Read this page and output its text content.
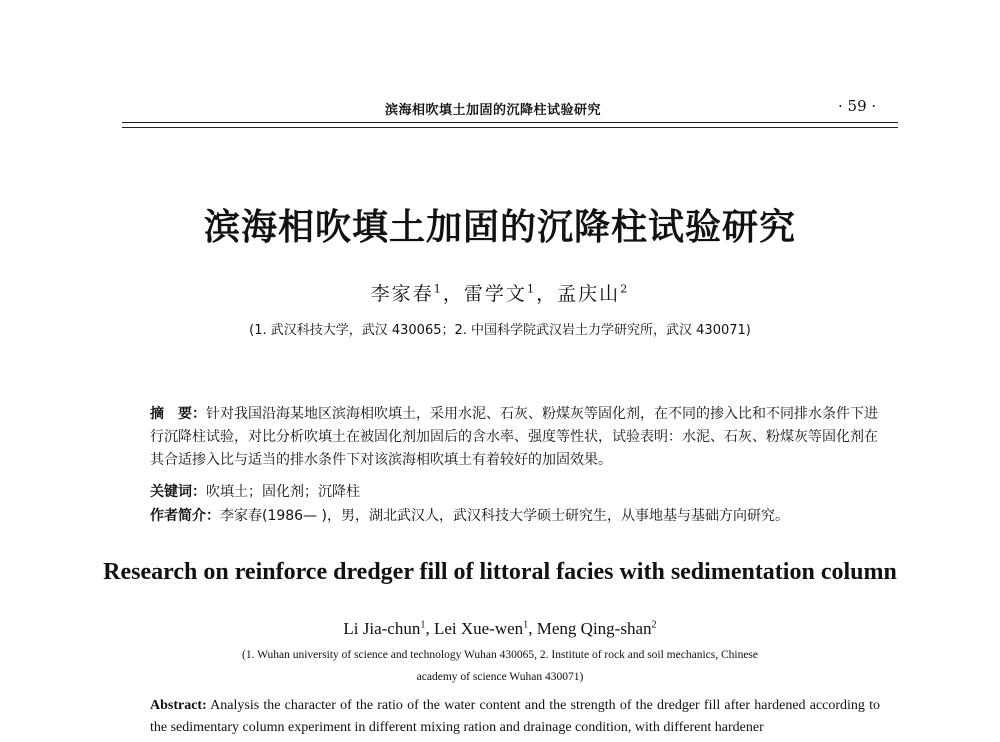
滨海相吹填土加固的沉降柱试验研究	· 59 ·
滨海相吹填土加固的沉降柱试验研究
李家春$^1$，雷学文$^1$，孟庆山$^2$
(1. 武汉科技大学，武汉 430065；2. 中国科学院武汉岩土力学研究所，武汉 430071)
摘　要：针对我国沿海某地区滨海相吹填土，采用水泥、石灰、粉煤灰等固化剂，在不同的掺入比和不同排水条件下进行沉降柱试验，对比分析吹填土在被固化剂加固后的含水率、强度等性状，试验表明：水泥、石灰、粉煤灰等固化剂在其合适掺入比与适当的排水条件下对该滨海相吹填土有着较好的加固效果。
关键词：吹填土；固化剂；沉降柱
作者简介：李家春(1986— )，男，湖北武汉人，武汉科技大学硕士研究生，从事地基与基础方向研究。
Research on reinforce dredger fill of littoral facies with sedimentation column
Li Jia-chun$^1$, Lei Xue-wen$^1$, Meng Qing-shan$^2$
(1. Wuhan university of science and technology Wuhan 430065, 2. Institute of rock and soil mechanics, Chinese
academy of science Wuhan 430071)
Abstract: Analysis the character of the ratio of the water content and the strength of the dredger fill after hardened according to the sedimentary column experiment in different mixing ration and drainage condition, with different hardener
